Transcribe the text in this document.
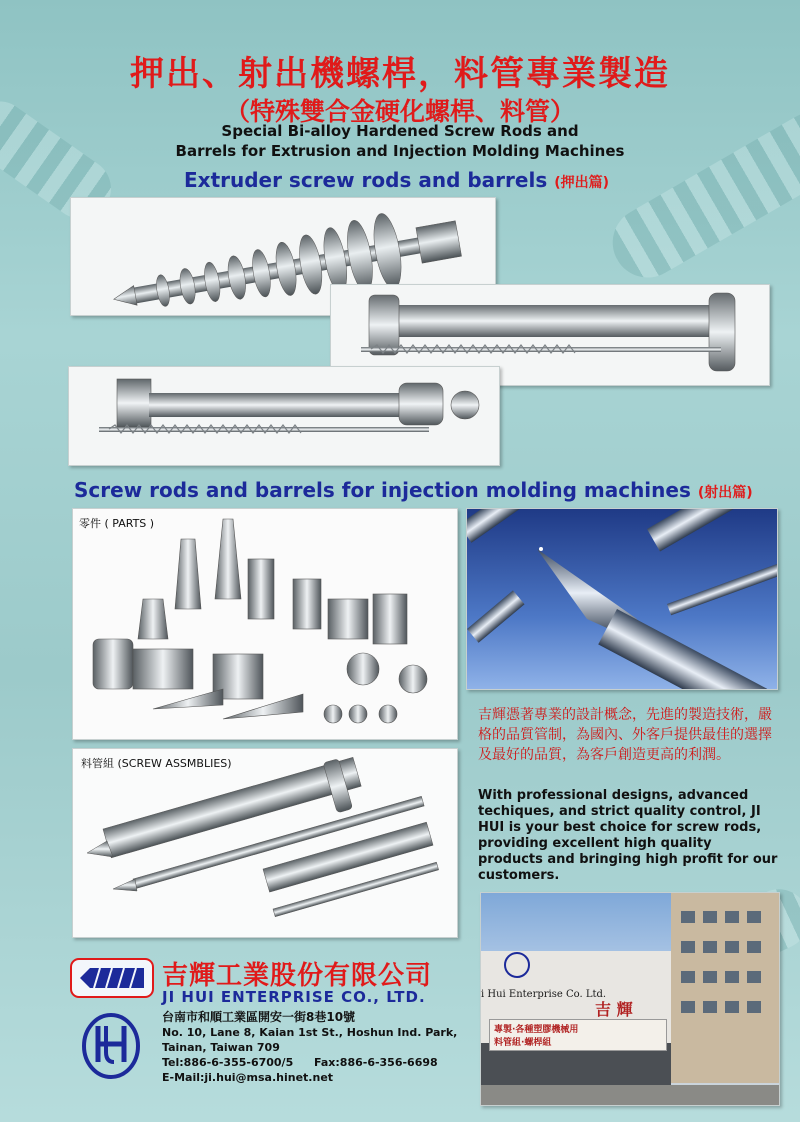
押出、射出機螺桿，料管專業製造
（特殊雙合金硬化螺桿、料管）
Special Bi-alloy Hardened Screw Rods and
Barrels for Extrusion and Injection Molding Machines
Extruder screw rods and barrels (押出篇)
Screw rods and barrels for injection molding machines (射出篇)
零件 ( PARTS )
吉輝憑著專業的設計概念，先進的製造技術，嚴格的品質管制，為國內、外客戶提供最佳的選擇及最好的品質，為客戶創造更高的利潤。
With professional designs, advanced techiques, and strict quality control, JI HUI is your best choice for screw rods, providing excellent high quality products and bringing high profit for our customers.
料管組 (SCREW ASSMBLIES)
i Hui Enterprise Co. Ltd.
吉 輝
專製·各種塑膠機械用
料管組·螺桿組
吉輝工業股份有限公司
JI HUI ENTERPRISE CO., LTD.
台南市和順工業區開安一街8巷10號
No. 10, Lane 8, Kaian 1st St., Hoshun Ind. Park,
Tainan, Taiwan 709
Tel:886-6-355-6700/5 Fax:886-6-356-6698
E-Mail:ji.hui@msa.hinet.net
